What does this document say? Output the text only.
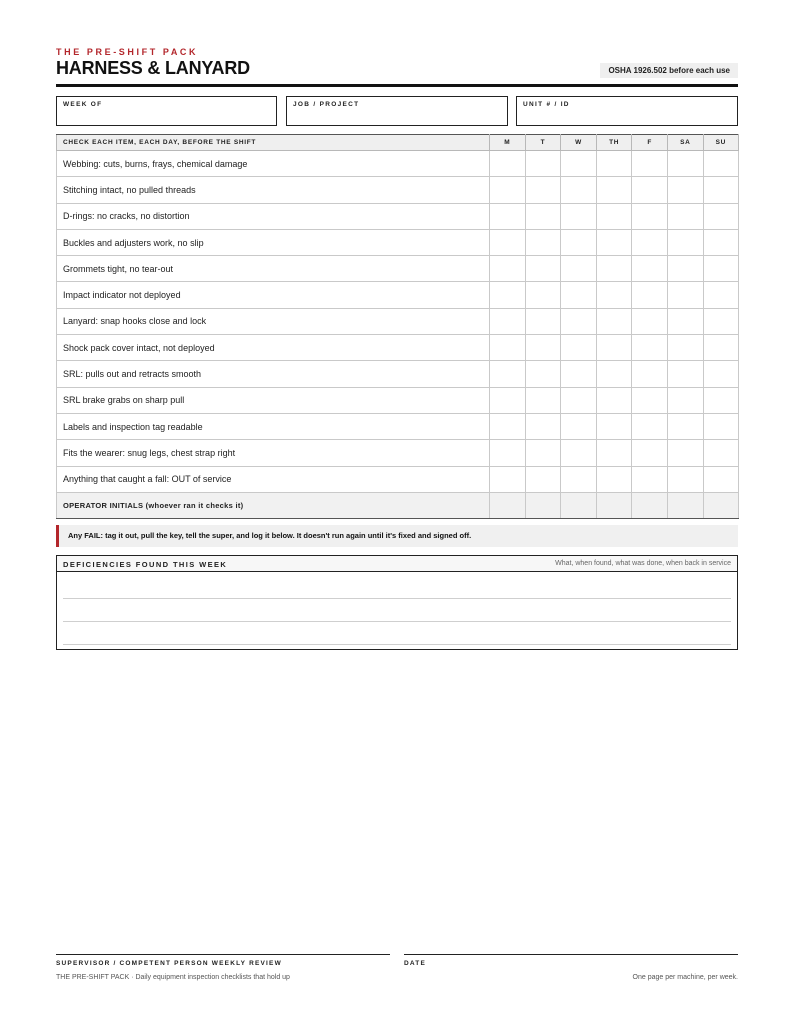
THE PRE-SHIFT PACK
HARNESS & LANYARD	OSHA 1926.502 before each use
WEEK OF	JOB / PROJECT	UNIT # / ID
CHECK EACH ITEM, EACH DAY, BEFORE THE SHIFT	M	T	W	TH	F	SA	SU
Webbing: cuts, burns, frays, chemical damage							
Stitching intact, no pulled threads							
D-rings: no cracks, no distortion							
Buckles and adjusters work, no slip							
Grommets tight, no tear-out							
Impact indicator not deployed							
Lanyard: snap hooks close and lock							
Shock pack cover intact, not deployed							
SRL: pulls out and retracts smooth							
SRL brake grabs on sharp pull							
Labels and inspection tag readable							
Fits the wearer: snug legs, chest strap right							
Anything that caught a fall: OUT of service							
OPERATOR INITIALS (whoever ran it checks it)							
Any FAIL: tag it out, pull the key, tell the super, and log it below. It doesn't run again until it's fixed and signed off.
DEFICIENCIES FOUND THIS WEEK	What, when found, what was done, when back in service
SUPERVISOR / COMPETENT PERSON WEEKLY REVIEW	DATE
THE PRE-SHIFT PACK · Daily equipment inspection checklists that hold up	One page per machine, per week.
